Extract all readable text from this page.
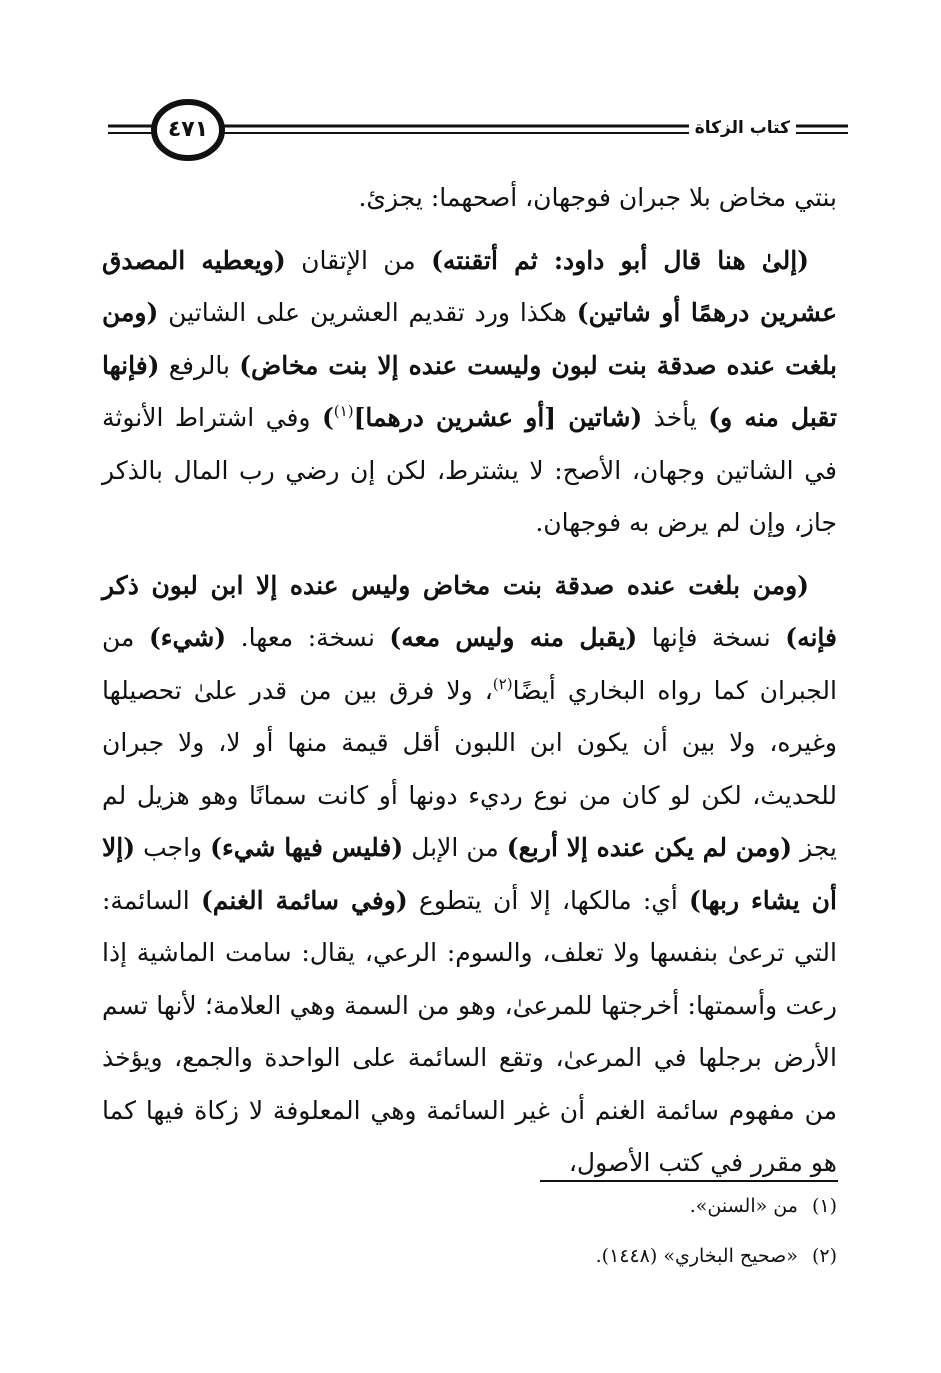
كتاب الزكاة
٤٧١

بنتي مخاض بلا جبران فوجهان، أصحهما: يجزئ.

(إلىٰ هنا قال أبو داود: ثم أتقنته) من الإتقان (ويعطيه المصدق عشرين درهمًا أو شاتين) هكذا ورد تقديم العشرين على الشاتين (ومن بلغت عنده صدقة بنت لبون وليست عنده إلا بنت مخاض) بالرفع (فإنها تقبل منه و) يأخذ (شاتين [أو عشرين درهما]$^{(١)}$) وفي اشتراط الأنوثة في الشاتين وجهان، الأصح: لا يشترط، لكن إن رضي رب المال بالذكر جاز، وإن لم يرض به فوجهان.

(ومن بلغت عنده صدقة بنت مخاض وليس عنده إلا ابن لبون ذكر فإنه) نسخة فإنها (يقبل منه وليس معه) نسخة: معها. (شيء) من الجبران كما رواه البخاري أيضًا$^{(٢)}$، ولا فرق بين من قدر علىٰ تحصيلها وغيره، ولا بين أن يكون ابن اللبون أقل قيمة منها أو لا، ولا جبران للحديث، لكن لو كان من نوع رديء دونها أو كانت سمانًا وهو هزيل لم يجز (ومن لم يكن عنده إلا أربع) من الإبل (فليس فيها شيء) واجب (إلا أن يشاء ربها) أي: مالكها، إلا أن يتطوع (وفي سائمة الغنم) السائمة: التي ترعىٰ بنفسها ولا تعلف، والسوم: الرعي، يقال: سامت الماشية إذا رعت وأسمتها: أخرجتها للمرعىٰ، وهو من السمة وهي العلامة؛ لأنها تسم الأرض برجلها في المرعىٰ، وتقع السائمة على الواحدة والجمع، ويؤخذ من مفهوم سائمة الغنم أن غير السائمة وهي المعلوفة لا زكاة فيها كما هو مقرر في كتب الأصول،

(١)من «السنن».
(٢)«صحيح البخاري» (١٤٤٨).
